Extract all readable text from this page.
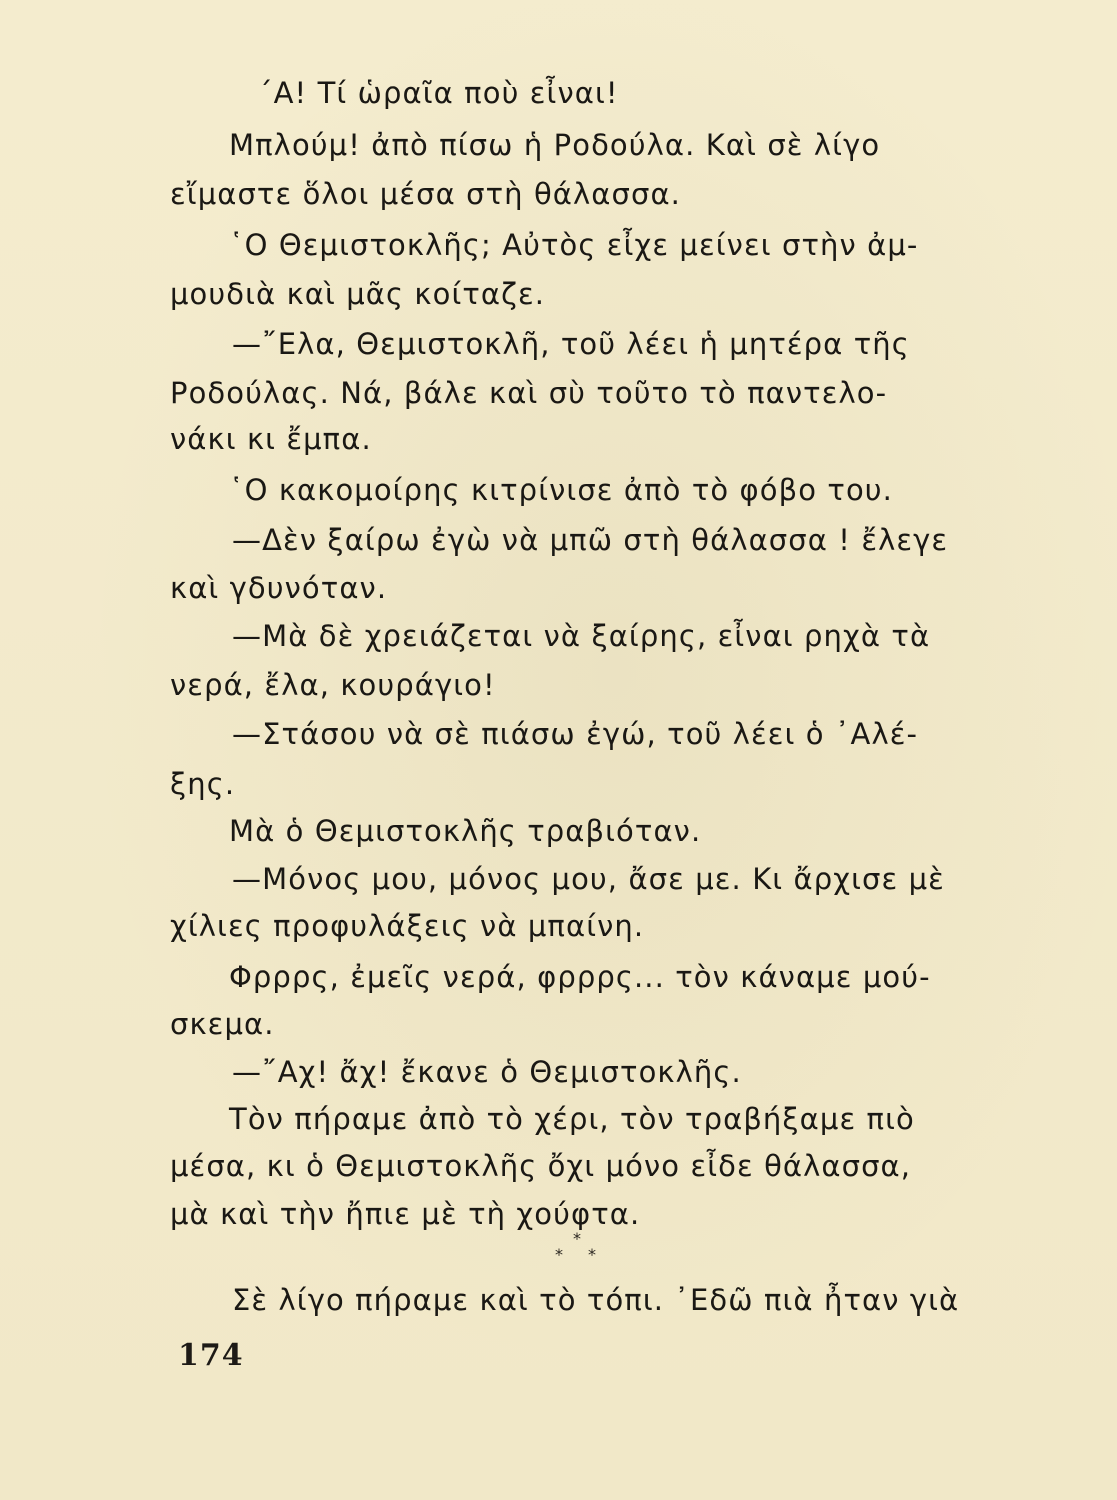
΄Α! Τί ὡραῖα ποὺ εἶναι!
Μπλούμ! ἀπὸ πίσω ἡ Ροδούλα. Καὶ σὲ λίγο
εἴμαστε ὅλοι μέσα στὴ θάλασσα.
῾Ο Θεμιστοκλῆς; Αὐτὸς εἶχε μείνει στὴν ἀμ-
μουδιὰ καὶ μᾶς κοίταζε.
—῎Ελα, Θεμιστοκλῆ, τοῦ λέει ἡ μητέρα τῆς
Ροδούλας. Νά, βάλε καὶ σὺ τοῦτο τὸ παντελο-
νάκι κι ἔμπα.
῾Ο κακομοίρης κιτρίνισε ἀπὸ τὸ φόβο του.
—Δὲν ξαίρω ἐγὼ νὰ μπῶ στὴ θάλασσα ! ἔλεγε
καὶ γδυνόταν.
—Μὰ δὲ χρειάζεται νὰ ξαίρης, εἶναι ρηχὰ τὰ
νερά, ἔλα, κουράγιο!
—Στάσου νὰ σὲ πιάσω ἐγώ, τοῦ λέει ὁ ᾿Αλέ-
ξης.
Μὰ ὁ Θεμιστοκλῆς τραβιόταν.
—Μόνος μου, μόνος μου, ἄσε με. Κι ἄρχισε μὲ
χίλιες προφυλάξεις νὰ μπαίνη.
Φρρρς, ἐμεῖς νερά, φρρρς... τὸν κάναμε μού-
σκεμα.
—῎Αχ! ἄχ! ἔκανε ὁ Θεμιστοκλῆς.
Τὸν πήραμε ἀπὸ τὸ χέρι, τὸν τραβήξαμε πιὸ
μέσα, κι ὁ Θεμιστοκλῆς ὄχι μόνο εἶδε θάλασσα,
μὰ καὶ τὴν ἤπιε μὲ τὴ χούφτα.
*
* *
Σὲ λίγο πήραμε καὶ τὸ τόπι. ᾿Εδῶ πιὰ ἦταν γιὰ
174
